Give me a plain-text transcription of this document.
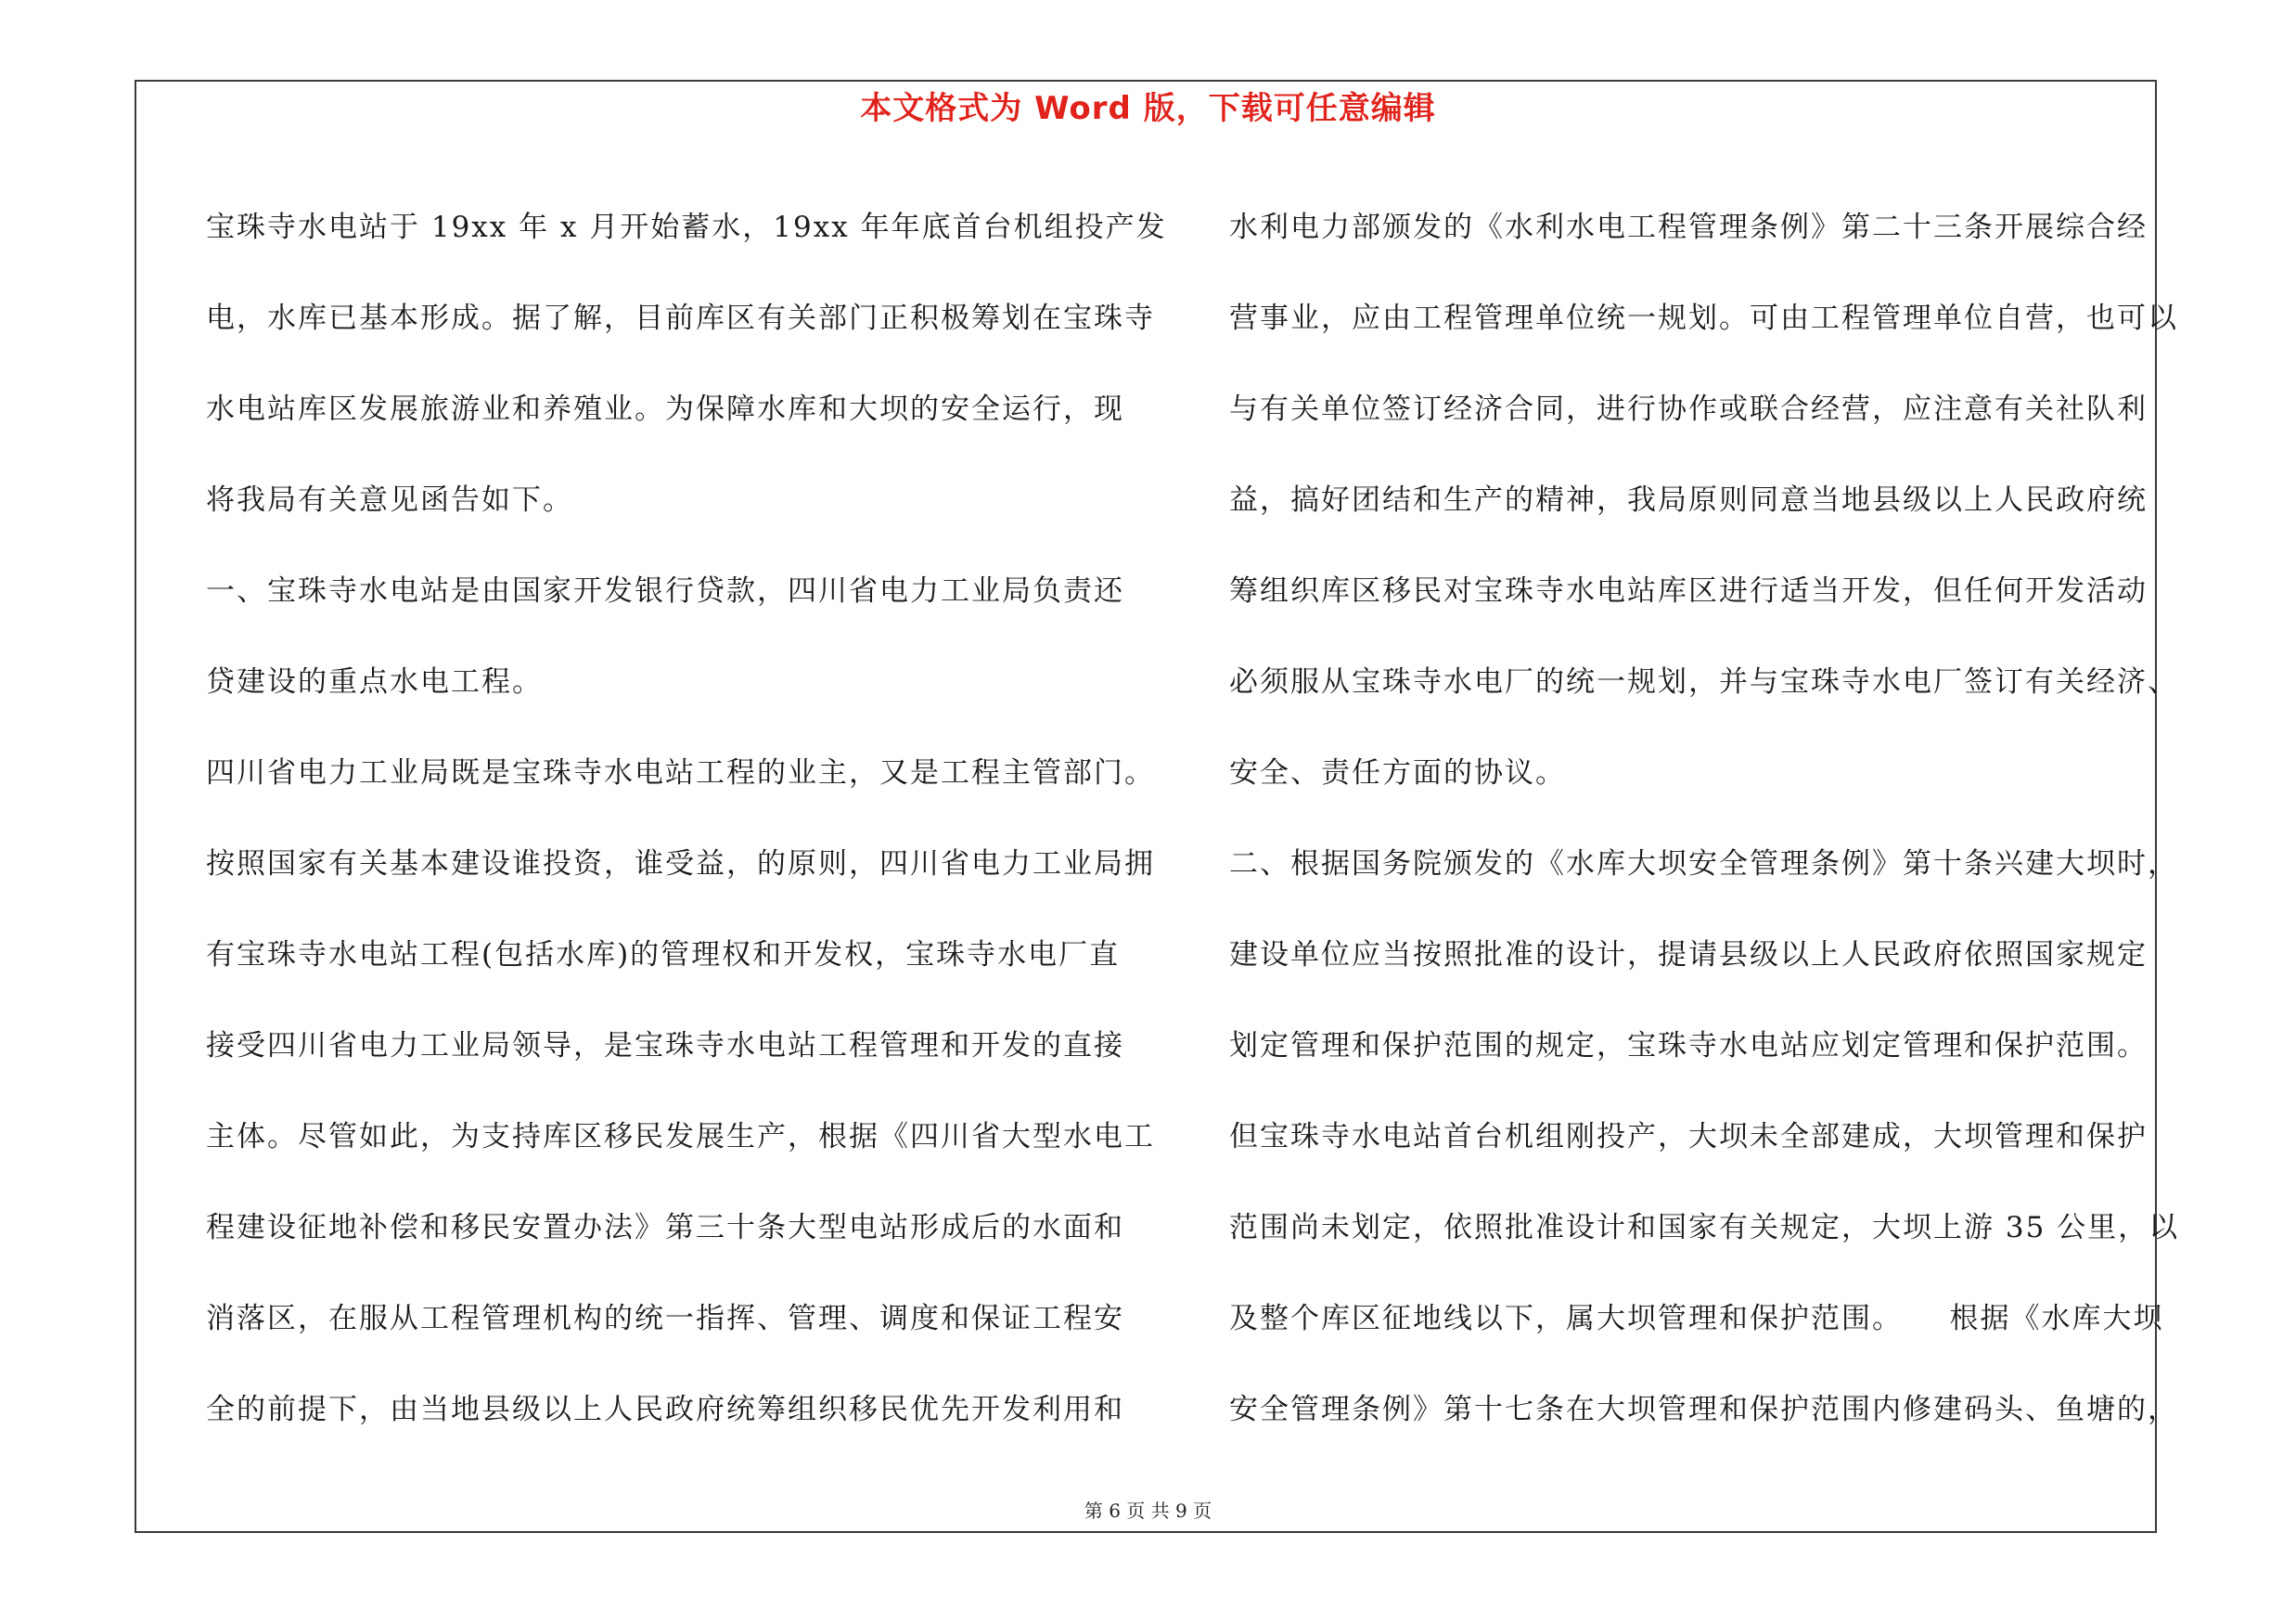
本文格式为 Word 版，下载可任意编辑
宝珠寺水电站于 19xx 年 x 月开始蓄水，19xx 年年底首台机组投产发
电，水库已基本形成。据了解，目前库区有关部门正积极筹划在宝珠寺
水电站库区发展旅游业和养殖业。为保障水库和大坝的安全运行，现
将我局有关意见函告如下。
一、宝珠寺水电站是由国家开发银行贷款，四川省电力工业局负责还
贷建设的重点水电工程。
四川省电力工业局既是宝珠寺水电站工程的业主，又是工程主管部门。
按照国家有关基本建设谁投资，谁受益，的原则，四川省电力工业局拥
有宝珠寺水电站工程(包括水库)的管理权和开发权，宝珠寺水电厂直
接受四川省电力工业局领导，是宝珠寺水电站工程管理和开发的直接
主体。尽管如此，为支持库区移民发展生产，根据《四川省大型水电工
程建设征地补偿和移民安置办法》第三十条大型电站形成后的水面和
消落区，在服从工程管理机构的统一指挥、管理、调度和保证工程安
全的前提下，由当地县级以上人民政府统筹组织移民优先开发利用和
水利电力部颁发的《水利水电工程管理条例》第二十三条开展综合经
营事业，应由工程管理单位统一规划。可由工程管理单位自营，也可以
与有关单位签订经济合同，进行协作或联合经营，应注意有关社队利
益，搞好团结和生产的精神，我局原则同意当地县级以上人民政府统
筹组织库区移民对宝珠寺水电站库区进行适当开发，但任何开发活动
必须服从宝珠寺水电厂的统一规划，并与宝珠寺水电厂签订有关经济、
安全、责任方面的协议。
二、根据国务院颁发的《水库大坝安全管理条例》第十条兴建大坝时，
建设单位应当按照批准的设计，提请县级以上人民政府依照国家规定
划定管理和保护范围的规定，宝珠寺水电站应划定管理和保护范围。
但宝珠寺水电站首台机组刚投产，大坝未全部建成，大坝管理和保护
范围尚未划定，依照批准设计和国家有关规定，大坝上游 35 公里，以
及整个库区征地线以下，属大坝管理和保护范围。　　根据《水库大坝
安全管理条例》第十七条在大坝管理和保护范围内修建码头、鱼塘的，
第 6 页 共 9 页
